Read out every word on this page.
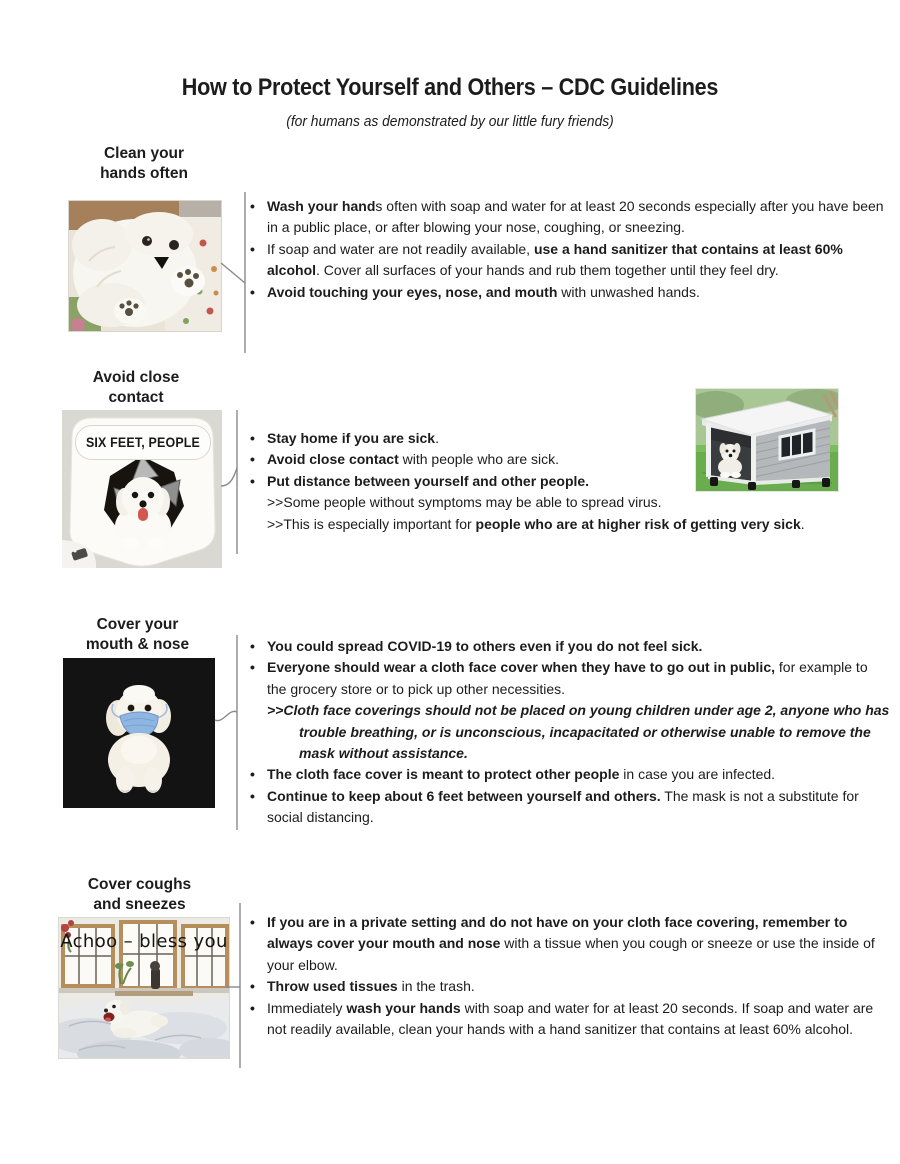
How to Protect Yourself and Others – CDC Guidelines
(for humans as demonstrated by our little fury friends)
Clean your
hands often
• Wash your hands often with soap and water for at least 20 seconds especially after you have been in a public place, or after blowing your nose, coughing, or sneezing.
• If soap and water are not readily available, use a hand sanitizer that contains at least 60% alcohol. Cover all surfaces of your hands and rub them together until they feel dry.
• Avoid touching your eyes, nose, and mouth with unwashed hands.
Avoid close
contact
SIX FEET, PEOPLE	• Stay home if you are sick.
• Avoid close contact with people who are sick.
• Put distance between yourself and other people.
>>Some people without symptoms may be able to spread virus.
>>This is especially important for people who are at higher risk of getting very sick.
Cover your
mouth & nose	• You could spread COVID-19 to others even if you do not feel sick.
• Everyone should wear a cloth face cover when they have to go out in public, for example to the grocery store or to pick up other necessities.
>>Cloth face coverings should not be placed on young children under age 2, anyone who has trouble breathing, or is unconscious, incapacitated or otherwise unable to remove the mask without assistance.
• The cloth face cover is meant to protect other people in case you are infected.
• Continue to keep about 6 feet between yourself and others. The mask is not a substitute for social distancing.
Cover coughs
and sneezes
Achoo – bless you
• If you are in a private setting and do not have on your cloth face covering, remember to always cover your mouth and nose with a tissue when you cough or sneeze or use the inside of your elbow.
• Throw used tissues in the trash.
• Immediately wash your hands with soap and water for at least 20 seconds. If soap and water are not readily available, clean your hands with a hand sanitizer that contains at least 60% alcohol.
